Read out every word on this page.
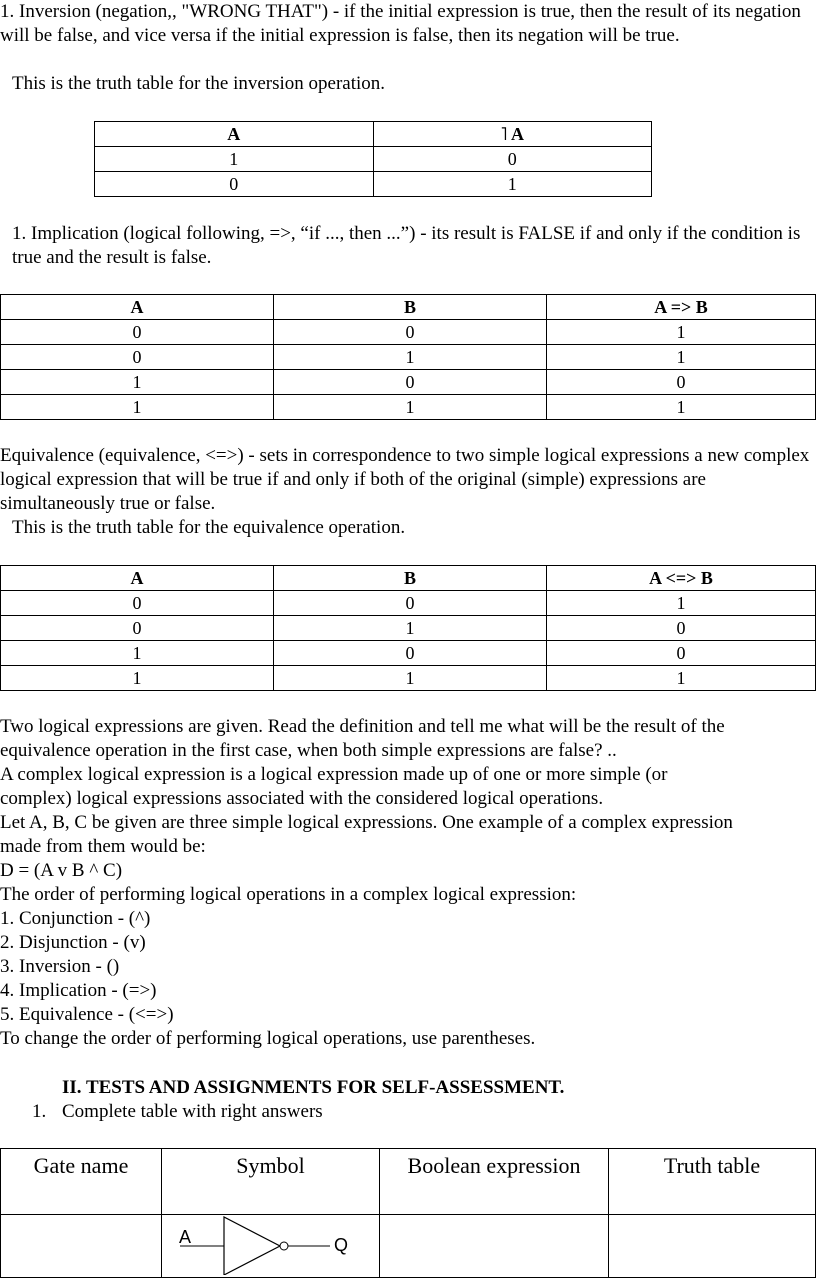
1. Inversion (negation,, "WRONG THAT") - if the initial expression is true, then the result of its negation will be false, and vice versa if the initial expression is false, then its negation will be true.

This is the truth table for the inversion operation.

A	˥ A
1	0
0	1

1. Implication (logical following, =>, “if ..., then ...”) - its result is FALSE if and only if the condition is true and the result is false.

A	B	A => B
0	0	1
0	1	1
1	0	0
1	1	1

Equivalence (equivalence, <=>) - sets in correspondence to two simple logical expressions a new complex logical expression that will be true if and only if both of the original (simple) expressions are simultaneously true or false.

This is the truth table for the equivalence operation.

A	B	A <=> B
0	0	1
0	1	0
1	0	0
1	1	1
Two logical expressions are given. Read the definition and tell me what will be the result of the
equivalence operation in the first case, when both simple expressions are false? ..
A complex logical expression is a logical expression made up of one or more simple (or
complex) logical expressions associated with the considered logical operations.
Let A, B, C be given are three simple logical expressions. One example of a complex expression
made from them would be:
D = (A v B ^ C)
The order of performing logical operations in a complex logical expression:
1. Conjunction - (^)
2. Disjunction - (v)
3. Inversion - ()
4. Implication - (=>)
5. Equivalence - (<=>)
To change the order of performing logical operations, use parentheses.
II. TESTS AND ASSIGNMENTS FOR SELF-ASSESSMENT.
1. Complete table with right answers
Gate name	Symbol	Boolean expression	Truth table

	A Q		
